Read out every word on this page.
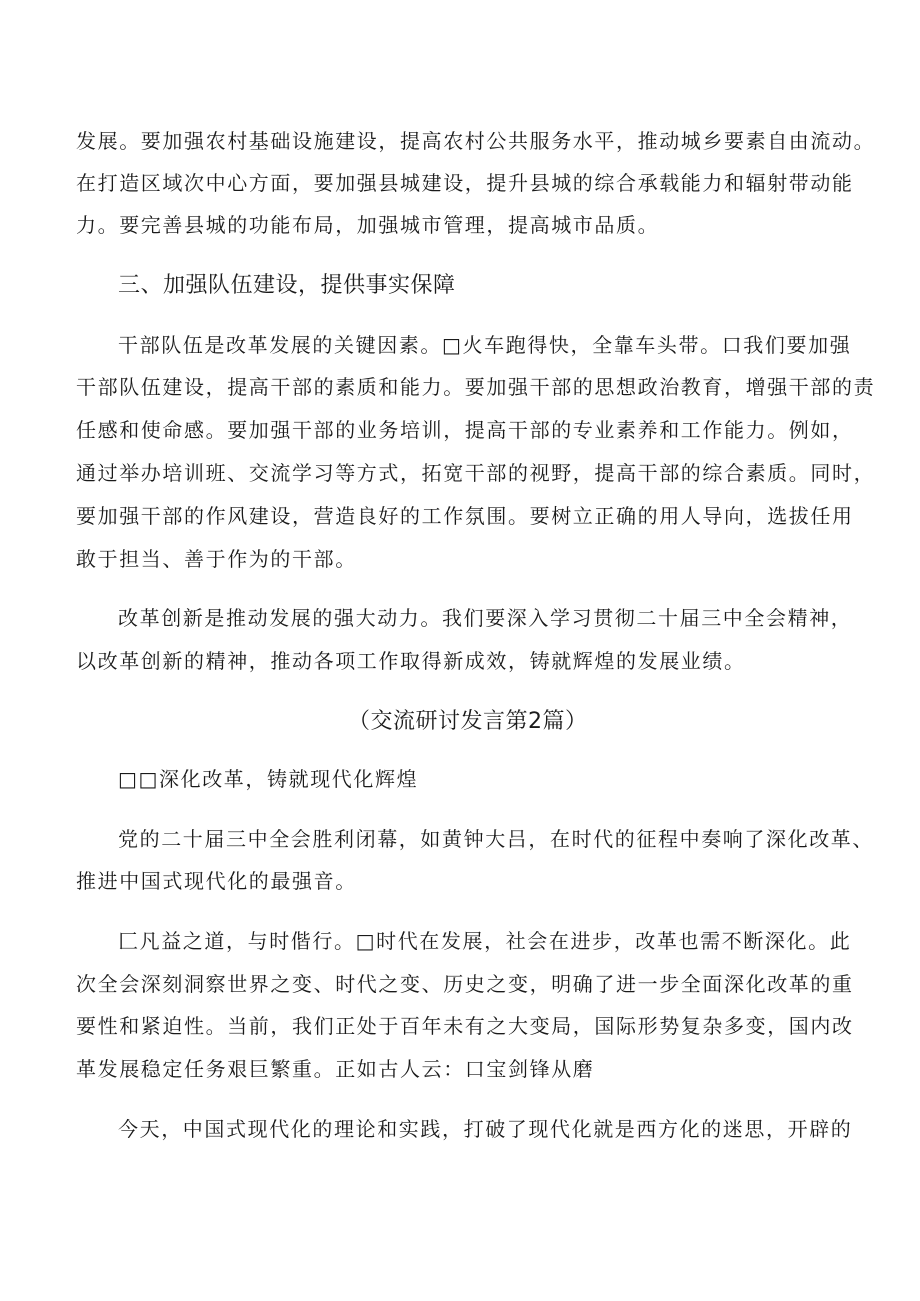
发展。要加强农村基础设施建设，提高农村公共服务水平，推动城乡要素自由流动。
在打造区域次中心方面，要加强县城建设，提升县城的综合承载能力和辐射带动能
力。要完善县城的功能布局，加强城市管理，提高城市品质。
三、加强队伍建设，提供事实保障
干部队伍是改革发展的关键因素。□火车跑得快，全靠车头带。口我们要加强
干部队伍建设，提高干部的素质和能力。要加强干部的思想政治教育，增强干部的责
任感和使命感。要加强干部的业务培训，提高干部的专业素养和工作能力。例如，
通过举办培训班、交流学习等方式，拓宽干部的视野，提高干部的综合素质。同时，
要加强干部的作风建设，营造良好的工作氛围。要树立正确的用人导向，选拔任用
敢于担当、善于作为的干部。
改革创新是推动发展的强大动力。我们要深入学习贯彻二十届三中全会精神，
以改革创新的精神，推动各项工作取得新成效，铸就辉煌的发展业绩。
（交流研讨发言第2篇）
□□深化改革，铸就现代化辉煌
党的二十届三中全会胜利闭幕，如黄钟大吕，在时代的征程中奏响了深化改革、
推进中国式现代化的最强音。
匚凡益之道，与时偕行。□时代在发展，社会在进步，改革也需不断深化。此
次全会深刻洞察世界之变、时代之变、历史之变，明确了进一步全面深化改革的重
要性和紧迫性。当前，我们正处于百年未有之大变局，国际形势复杂多变，国内改
革发展稳定任务艰巨繁重。正如古人云：口宝剑锋从磨
今天，中国式现代化的理论和实践，打破了现代化就是西方化的迷思，开辟的
